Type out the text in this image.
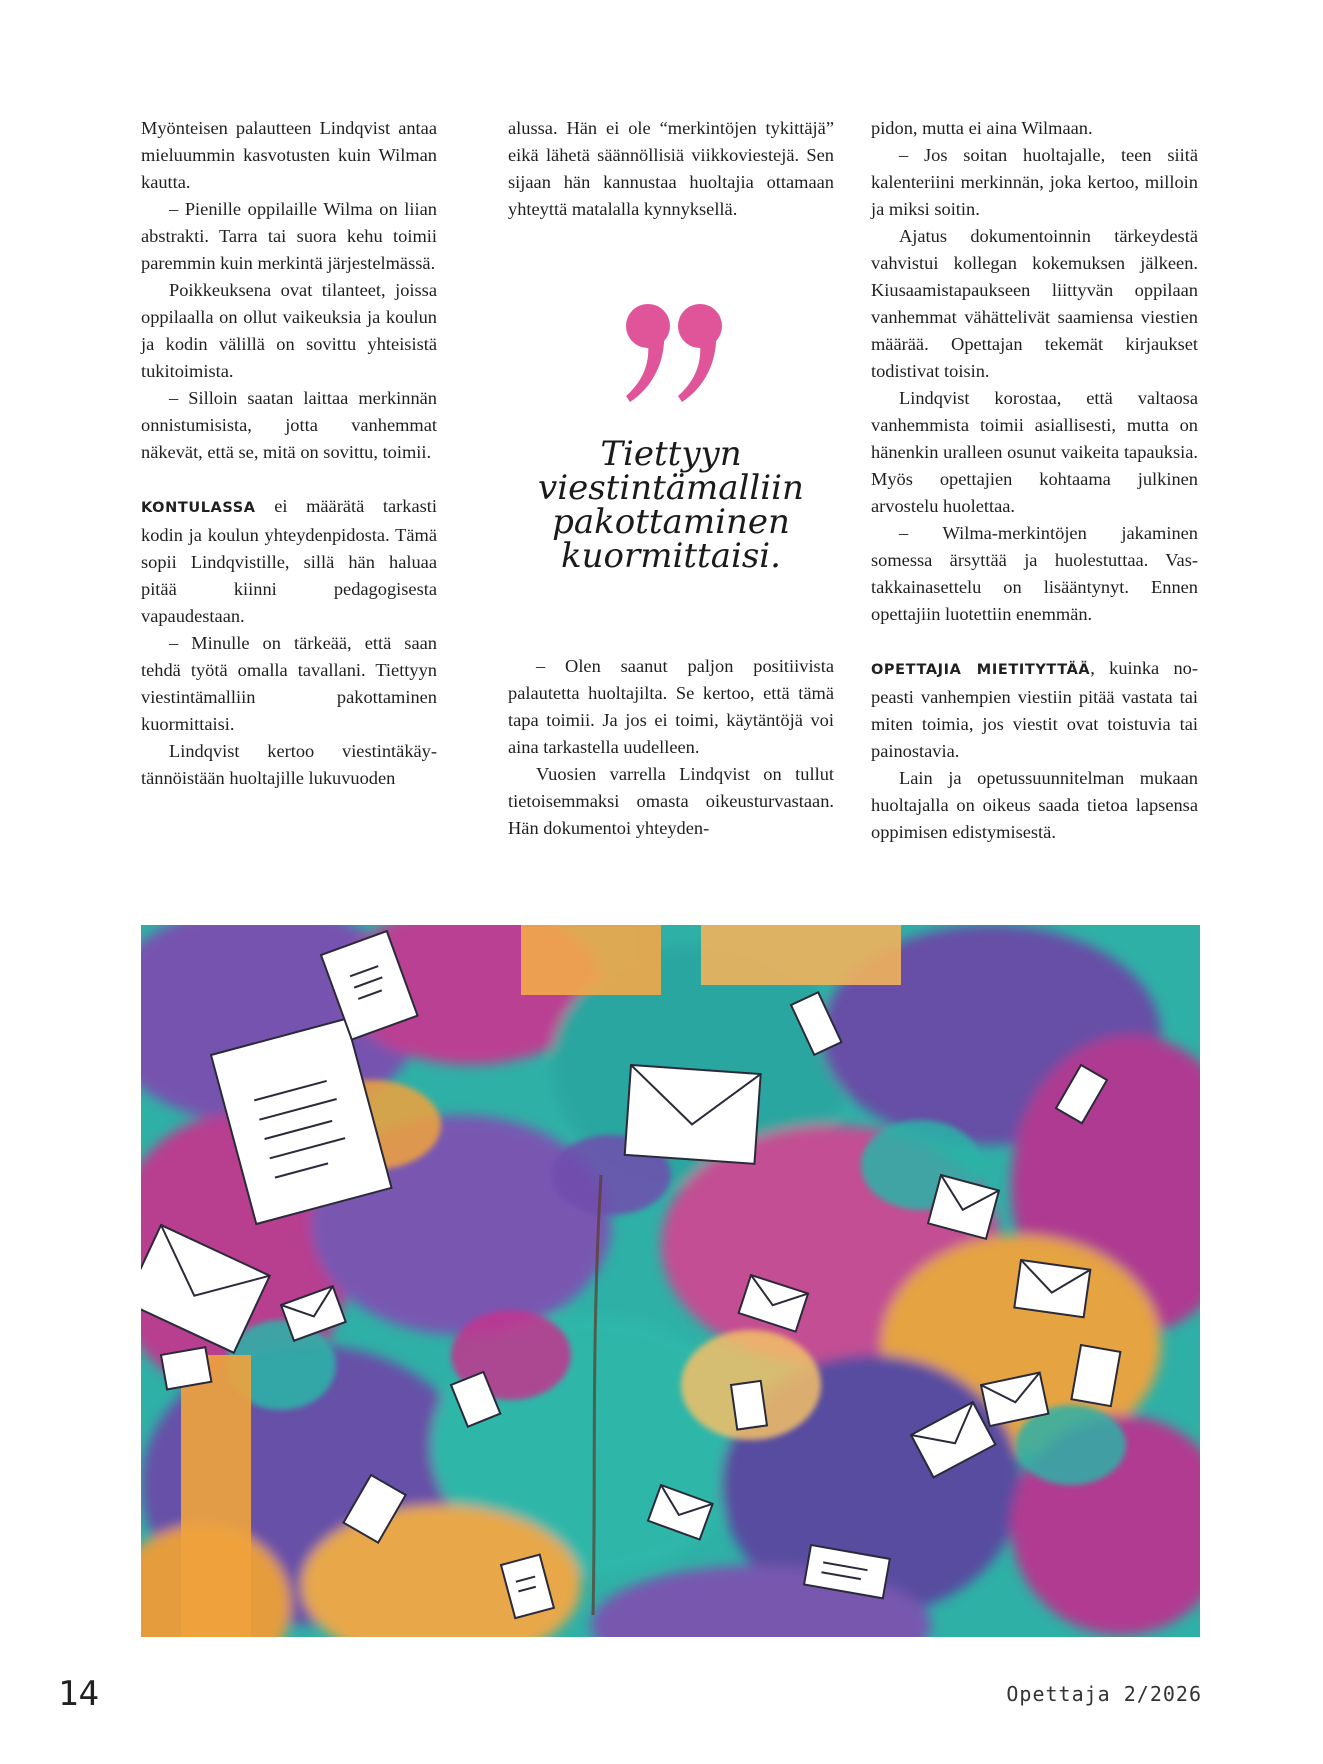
Myönteisen palautteen Lindqvist antaa mieluummin kasvotusten kuin Wilman kautta.

– Pienille oppilaille Wilma on liian abstrakti. Tarra tai suora kehu toimii paremmin kuin merkintä järjestelmässä.

Poikkeuksena ovat tilanteet, joissa oppilaalla on ollut vaikeuksia ja koulun ja kodin välillä on sovittu yhteisistä tukitoimista.

– Silloin saatan laittaa merkinnän onnistumisista, jotta vanhemmat näkevät, että se, mitä on sovittu, toimii.

KONTULASSA ei määrätä tarkasti kodin ja koulun yhteydenpidosta. Tämä sopii Lindqvistille, sillä hän haluaa pitää kiinni pedagogisesta vapaudestaan.

– Minulle on tärkeää, että saan tehdä työtä omalla tavallani. Tiettyyn viestintämalliin pakottaminen kuormittaisi.

Lindqvist kertoo viestintäkäytännöistään huoltajille lukuvuoden

alussa. Hän ei ole “merkintöjen tykittäjä” eikä lähetä säännöllisiä viikkoviestejä. Sen sijaan hän kannustaa huoltajia ottamaan yhteyttä matalalla kynnyksellä.

Tiettyyn
viestintämalliin
pakottaminen
kuormittaisi.

– Olen saanut paljon positiivista palautetta huoltajilta. Se kertoo, että tämä tapa toimii. Ja jos ei toimi, käytäntöjä voi aina tarkastella uudelleen.

Vuosien varrella Lindqvist on tullut tietoisemmaksi omasta oikeusturvastaan. Hän dokumentoi yhteyden-

pidon, mutta ei aina Wilmaan.

– Jos soitan huoltajalle, teen siitä kalenteriini merkinnän, joka kertoo, milloin ja miksi soitin.

Ajatus dokumentoinnin tärkeydestä vahvistui kollegan kokemuksen jälkeen. Kiusaamistapaukseen liittyvän oppilaan vanhemmat vähättelivät saamiensa viestien määrää. Opettajan tekemät kirjaukset todistivat toisin.

Lindqvist korostaa, että valtaosa vanhemmista toimii asiallisesti, mutta on hänenkin uralleen osunut vaikeita tapauksia. Myös opettajien kohtaama julkinen arvostelu huolettaa.

– Wilma-merkintöjen jakaminen somessa ärsyttää ja huolestuttaa. Vastakkainasettelu on lisääntynyt. Ennen opettajiin luotettiin enemmän.

OPETTAJIA MIETITYTTÄÄ, kuinka nopeasti vanhempien viestiin pitää vastata tai miten toimia, jos viestit ovat toistuvia tai painostavia.

Lain ja opetussuunnitelman mukaan huoltajalla on oikeus saada tietoa lapsensa oppimisen edistymisestä.

14	Opettaja 2/2026
